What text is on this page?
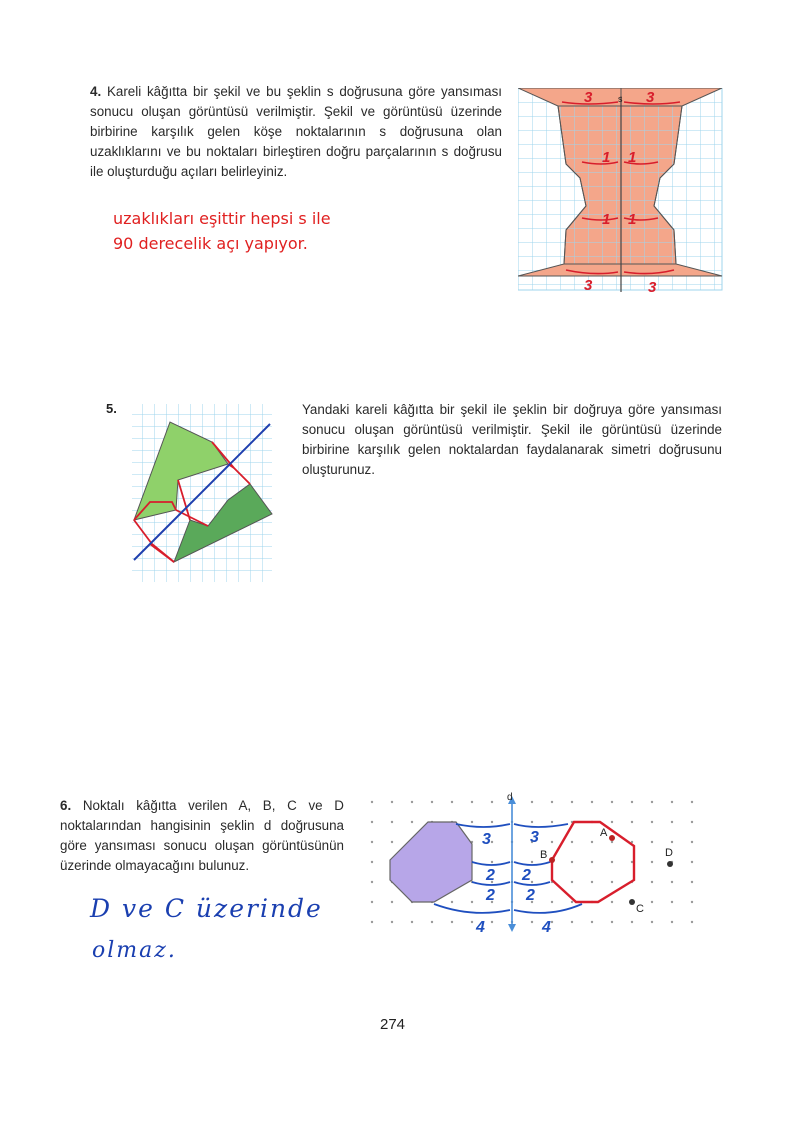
4. Kareli kâğıtta bir şekil ve bu şeklin s doğrusuna göre yansıması sonucu oluşan görüntüsü verilmiştir. Şekil ve görüntüsü üzerinde birbirine karşılık gelen köşe noktalarının s doğrusuna olan uzaklıklarını ve bu noktaları birleştiren doğru parçalarının s doğrusu ile oluşturduğu açıları belirleyiniz.
uzaklıkları eşittir hepsi s ile
90 derecelik açı yapıyor.
s
3	3
1 1
1 1
3	3
5.	Yandaki kareli kâğıtta bir şekil ile şeklin bir doğruya göre yansıması sonucu oluşan görüntüsü verilmiştir. Şekil ile görüntüsü üzerinde birbirine karşılık gelen noktalardan faydalanarak simetri doğrusunu oluşturunuz.
6. Noktalı kâğıtta verilen A, B, C ve D noktalarından hangisinin şeklin d doğrusuna göre yansıması sonucu oluşan görüntüsünün üzerinde olmayacağını bulunuz.
D ve C üzerinde
olmaz.
d
3 3
2 2
2 2
4	4
B
A
C
D
274
